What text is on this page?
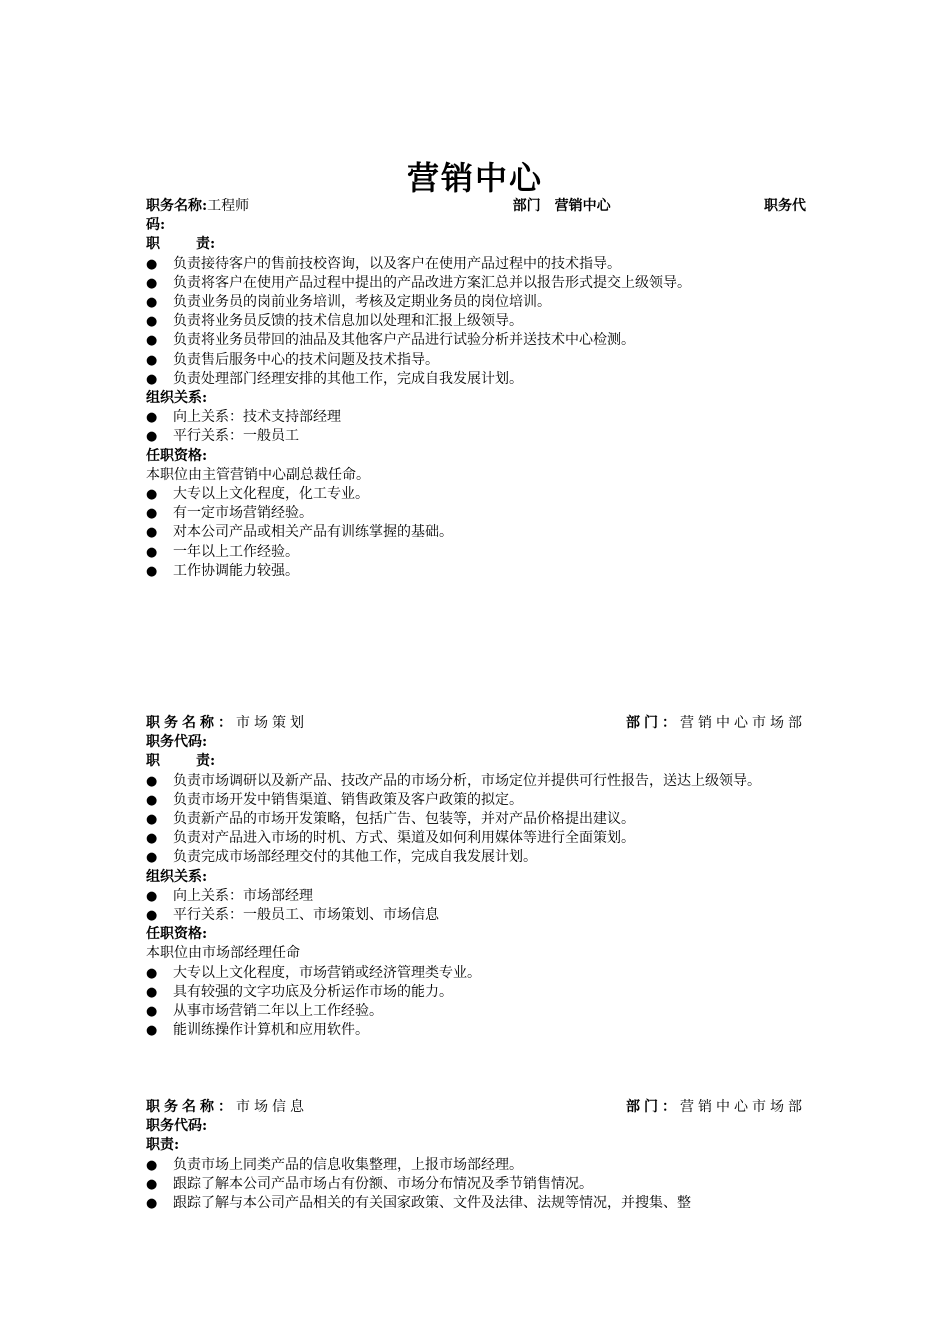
营销中心
职务名称:工程师	部门 营销中心	职务代
码:
职	责:
● 负责接待客户的售前技校咨询，以及客户在使用产品过程中的技术指导。
● 负责将客户在使用产品过程中提出的产品改进方案汇总并以报告形式提交上级领导。
● 负责业务员的岗前业务培训，考核及定期业务员的岗位培训。
● 负责将业务员反馈的技术信息加以处理和汇报上级领导。
● 负责将业务员带回的油品及其他客户产品进行试验分析并送技术中心检测。
● 负责售后服务中心的技术问题及技术指导。
● 负责处理部门经理安排的其他工作，完成自我发展计划。
组织关系:
● 向上关系：技术支持部经理
● 平行关系：一般员工
任职资格:
本职位由主管营销中心副总裁任命。
● 大专以上文化程度，化工专业。
● 有一定市场营销经验。
● 对本公司产品或相关产品有训练掌握的基础。
● 一年以上工作经验。
● 工作协调能力较强。
职务名称：市场策划	部门：营销中心市场部
职务代码:
职	责:
● 负责市场调研以及新产品、技改产品的市场分析，市场定位并提供可行性报告，送达上级领导。
● 负责市场开发中销售渠道、销售政策及客户政策的拟定。
● 负责新产品的市场开发策略，包括广告、包装等，并对产品价格提出建议。
● 负责对产品进入市场的时机、方式、渠道及如何利用媒体等进行全面策划。
● 负责完成市场部经理交付的其他工作，完成自我发展计划。
组织关系:
● 向上关系：市场部经理
● 平行关系：一般员工、市场策划、市场信息
任职资格:
本职位由市场部经理任命
● 大专以上文化程度，市场营销或经济管理类专业。
● 具有较强的文字功底及分析运作市场的能力。
● 从事市场营销二年以上工作经验。
● 能训练操作计算机和应用软件。
职务名称：市场信息	部门：营销中心市场部
职务代码:
职责:
● 负责市场上同类产品的信息收集整理，上报市场部经理。
● 跟踪了解本公司产品市场占有份额、市场分布情况及季节销售情况。
● 跟踪了解与本公司产品相关的有关国家政策、文件及法律、法规等情况，并搜集、整
